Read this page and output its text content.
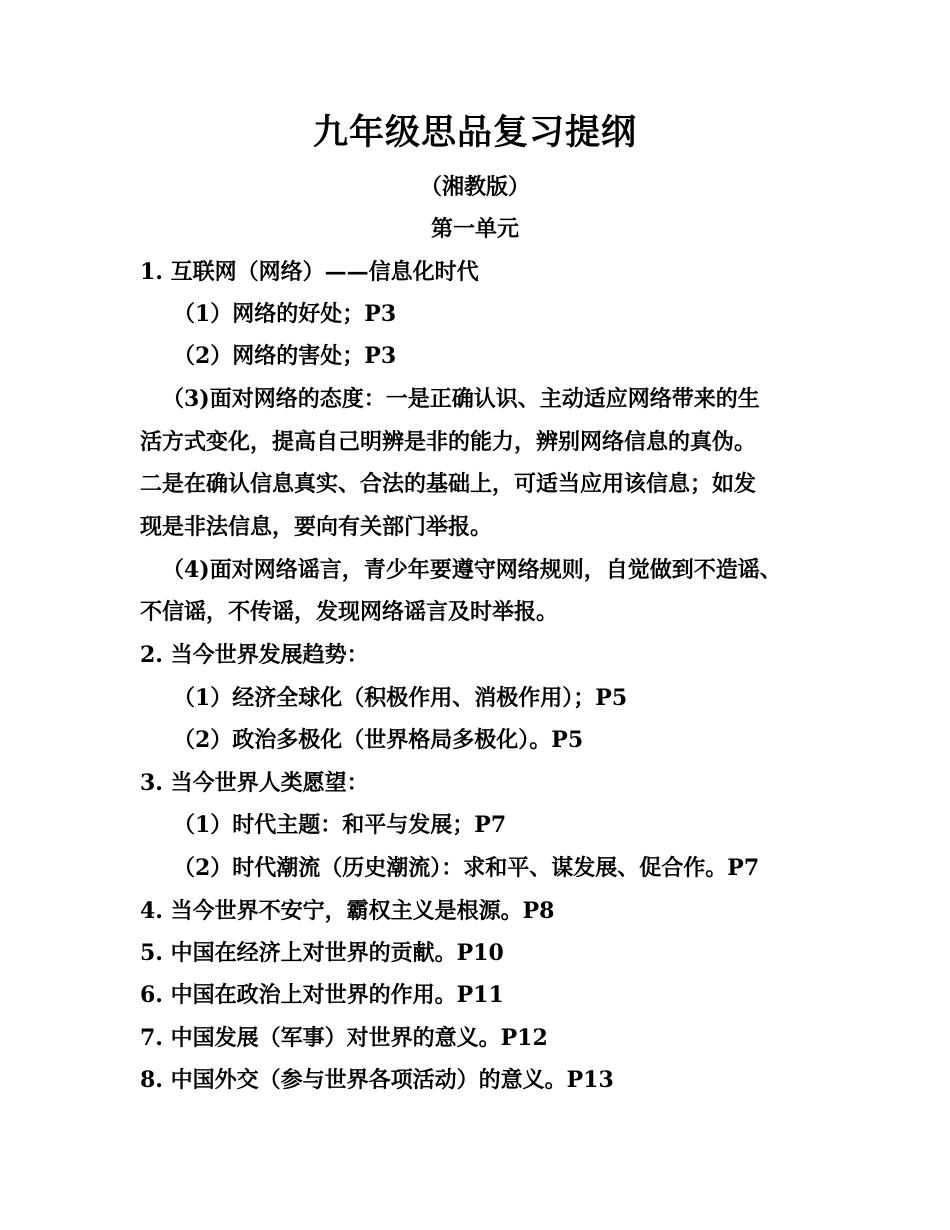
九年级思品复习提纲
（湘教版）
第一单元
1. 互联网（网络）——信息化时代
（1）网络的好处；P3
（2）网络的害处；P3
（3)面对网络的态度：一是正确认识、主动适应网络带来的生
活方式变化，提高自己明辨是非的能力，辨别网络信息的真伪。
二是在确认信息真实、合法的基础上，可适当应用该信息；如发
现是非法信息，要向有关部门举报。
（4)面对网络谣言，青少年要遵守网络规则，自觉做到不造谣、
不信谣，不传谣，发现网络谣言及时举报。
2. 当今世界发展趋势：
（1）经济全球化（积极作用、消极作用）；P5
（2）政治多极化（世界格局多极化）。P5
3. 当今世界人类愿望：
（1）时代主题：和平与发展；P7
（2）时代潮流（历史潮流）：求和平、谋发展、促合作。P7
4. 当今世界不安宁，霸权主义是根源。P8
5. 中国在经济上对世界的贡献。P10
6. 中国在政治上对世界的作用。P11
7. 中国发展（军事）对世界的意义。P12
8. 中国外交（参与世界各项活动）的意义。P13
